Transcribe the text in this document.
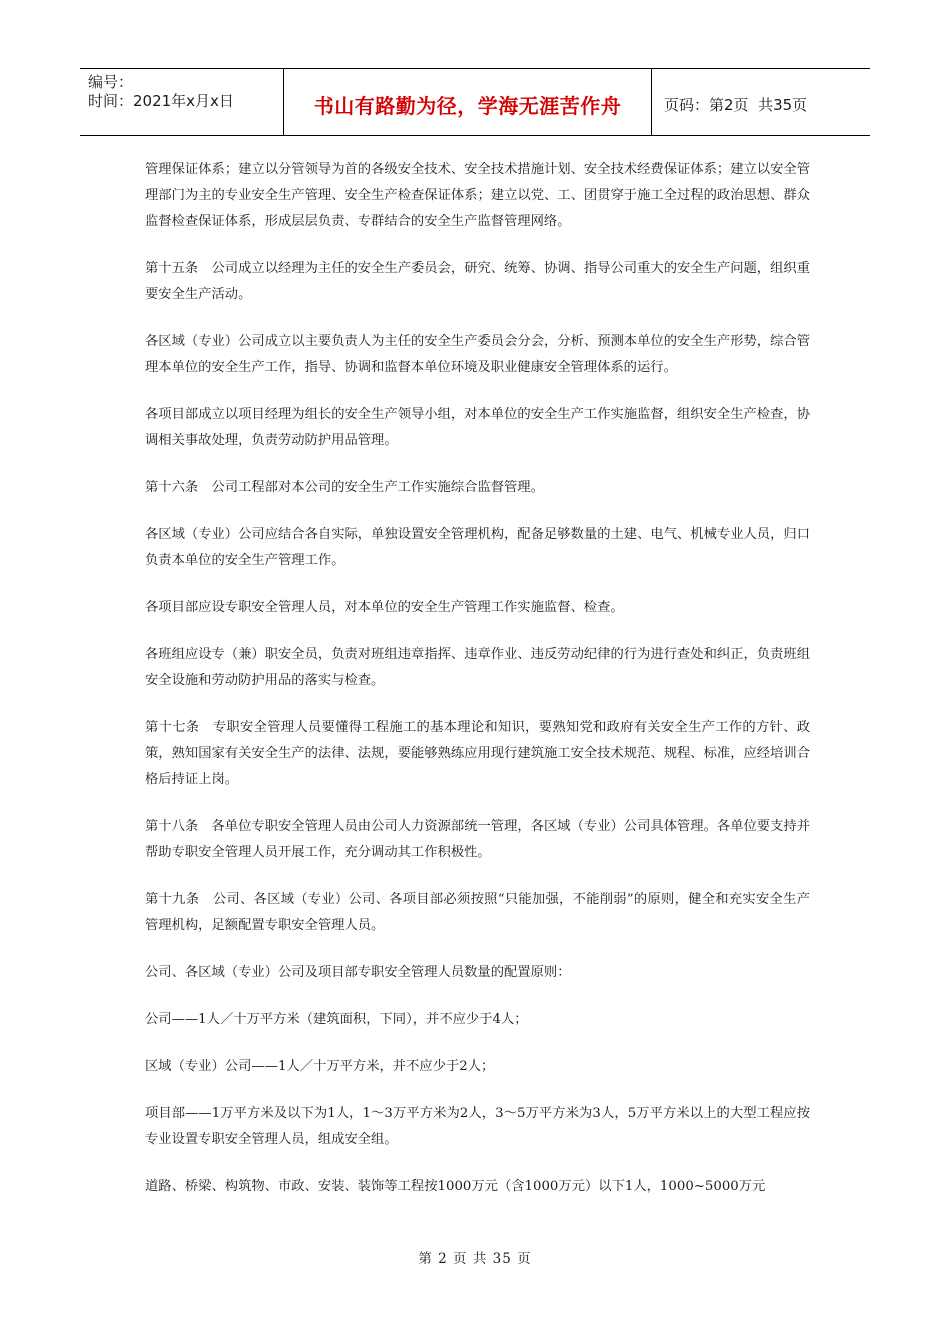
编号：
时间：2021年x月x日	书山有路勤为径，学海无涯苦作舟	页码：第2页  共35页

管理保证体系；建立以分管领导为首的各级安全技术、安全技术措施计划、安全技术经费保证体系；建立以安全管理部门为主的专业安全生产管理、安全生产检查保证体系；建立以党、工、团贯穿于施工全过程的政治思想、群众监督检查保证体系，形成层层负责、专群结合的安全生产监督管理网络。

第十五条　公司成立以经理为主任的安全生产委员会，研究、统筹、协调、指导公司重大的安全生产问题，组织重要安全生产活动。

各区域（专业）公司成立以主要负责人为主任的安全生产委员会分会，分析、预测本单位的安全生产形势，综合管理本单位的安全生产工作，指导、协调和监督本单位环境及职业健康安全管理体系的运行。

各项目部成立以项目经理为组长的安全生产领导小组，对本单位的安全生产工作实施监督，组织安全生产检查，协调相关事故处理，负责劳动防护用品管理。

第十六条　公司工程部对本公司的安全生产工作实施综合监督管理。

各区域（专业）公司应结合各自实际，单独设置安全管理机构，配备足够数量的土建、电气、机械专业人员，归口负责本单位的安全生产管理工作。

各项目部应设专职安全管理人员，对本单位的安全生产管理工作实施监督、检查。

各班组应设专（兼）职安全员，负责对班组违章指挥、违章作业、违反劳动纪律的行为进行查处和纠正，负责班组安全设施和劳动防护用品的落实与检查。

第十七条　专职安全管理人员要懂得工程施工的基本理论和知识，要熟知党和政府有关安全生产工作的方针、政策，熟知国家有关安全生产的法律、法规，要能够熟练应用现行建筑施工安全技术规范、规程、标准，应经培训合格后持证上岗。

第十八条　各单位专职安全管理人员由公司人力资源部统一管理，各区域（专业）公司具体管理。各单位要支持并帮助专职安全管理人员开展工作，充分调动其工作积极性。

第十九条　公司、各区域（专业）公司、各项目部必须按照“只能加强，不能削弱”的原则，健全和充实安全生产管理机构，足额配置专职安全管理人员。

公司、各区域（专业）公司及项目部专职安全管理人员数量的配置原则：

公司——1人／十万平方米（建筑面积，下同），并不应少于4人；

区域（专业）公司——1人／十万平方米，并不应少于2人；

项目部——1万平方米及以下为1人，1～3万平方米为2人，3～5万平方米为3人，5万平方米以上的大型工程应按专业设置专职安全管理人员，组成安全组。

道路、桥梁、构筑物、市政、安装、装饰等工程按1000万元（含1000万元）以下1人，1000~5000万元

第 2 页 共 35 页
